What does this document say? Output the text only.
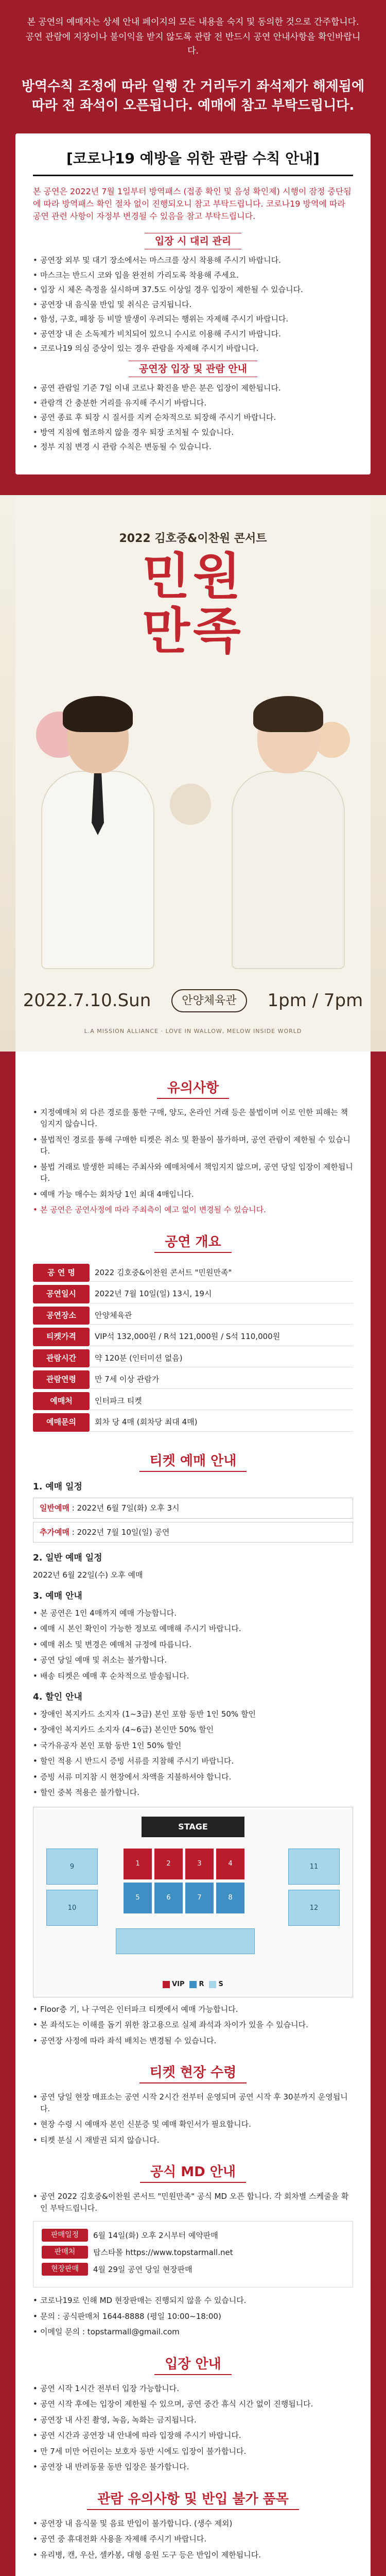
본 공연의 예매자는 상세 안내 페이지의 모든 내용을 숙지 및 동의한 것으로 간주합니다.

공연 관람에 지장이나 불이익을 받지 않도록 관람 전 반드시 공연 안내사항을 확인바랍니다.

방역수칙 조정에 따라 일행 간 거리두기 좌석제가 해제됨에 따라 전 좌석이 오픈됩니다. 예매에 참고 부탁드립니다.
[코로나19 예방을 위한 관람 수칙 안내]

본 공연은 2022년 7월 1일부터 방역패스 (접종 확인 및 음성 확인제) 시행이 잠정 중단됨에 따라 방역패스 확인 절차 없이 진행되오니 참고 부탁드립니다. 코로나19 방역에 따라 공연 관련 사항이 자정부 변경될 수 있음을 참고 부탁드립니다.

입장 시 대리 관리
• 공연장 외부 및 대기 장소에서는 마스크를 상시 착용해 주시기 바랍니다.
• 마스크는 반드시 코와 입을 완전히 가리도록 착용해 주세요.
• 입장 시 체온 측정을 실시하며 37.5도 이상일 경우 입장이 제한될 수 있습니다.
• 공연장 내 음식물 반입 및 취식은 금지됩니다.
• 함성, 구호, 떼창 등 비말 발생이 우려되는 행위는 자제해 주시기 바랍니다.
• 공연장 내 손 소독제가 비치되어 있으니 수시로 이용해 주시기 바랍니다.
• 코로나19 의심 증상이 있는 경우 관람을 자제해 주시기 바랍니다.
공연장 입장 및 관람 안내
• 공연 관람일 기준 7일 이내 코로나 확진을 받은 분은 입장이 제한됩니다.
• 관람객 간 충분한 거리를 유지해 주시기 바랍니다.
• 공연 종료 후 퇴장 시 질서를 지켜 순차적으로 퇴장해 주시기 바랍니다.
• 방역 지침에 협조하지 않을 경우 퇴장 조치될 수 있습니다.
• 정부 지침 변경 시 관람 수칙은 변동될 수 있습니다.
2022 김호중&이찬원 콘서트
민원
만족
2022.7.10.Sun	안양체육관	1pm / 7pm
L.A MISSION ALLIANCE · LOVE IN WALLOW, MELOW INSIDE WORLD
유의사항
• 지정예매처 외 다른 경로를 통한 구매, 양도, 온라인 거래 등은 불법이며 이로 인한 피해는 책임지지 않습니다.
• 불법적인 경로를 통해 구매한 티켓은 취소 및 환불이 불가하며, 공연 관람이 제한될 수 있습니다.
• 불법 거래로 발생한 피해는 주최사와 예매처에서 책임지지 않으며, 공연 당일 입장이 제한됩니다.
• 예매 가능 매수는 회차당 1인 최대 4매입니다.
• 본 공연은 공연사정에 따라 주최측이 예고 없이 변경될 수 있습니다.
공연 개요
공 연 명	2022 김호중&이찬원 콘서트 "민원만족"
공연일시	2022년 7월 10일(일) 13시, 19시
공연장소	안양체육관
티켓가격	VIP석 132,000원 / R석 121,000원 / S석 110,000원
관람시간	약 120분 (인터미션 없음)
관람연령	만 7세 이상 관람가
예매처	인터파크 티켓
예매문의	회차 당 4매 (회차당 최대 4매)
티켓 예매 안내
1. 예매 일정
일반예매 : 2022년 6월 7일(화) 오후 3시
추가예매 : 2022년 7월 10일(일) 공연
2. 일반 예매 일정

2022년 6월 22일(수) 오후 예매

3. 예매 안내
• 본 공연은 1인 4매까지 예매 가능합니다.
• 예매 시 본인 확인이 가능한 정보로 예매해 주시기 바랍니다.
• 예매 취소 및 변경은 예매처 규정에 따릅니다.
• 공연 당일 예매 및 취소는 불가합니다.
• 배송 티켓은 예매 후 순차적으로 발송됩니다.
4. 할인 안내
• 장애인 복지카드 소지자 (1~3급) 본인 포함 동반 1인 50% 할인
• 장애인 복지카드 소지자 (4~6급) 본인만 50% 할인
• 국가유공자 본인 포함 동반 1인 50% 할인
• 할인 적용 시 반드시 증빙 서류를 지참해 주시기 바랍니다.
• 증빙 서류 미지참 시 현장에서 차액을 지불하셔야 합니다.
• 할인 중복 적용은 불가합니다.
STAGE
1	2	3	4
5	6	7	8
9
10
11
12
VIP R S
• Floor층 기, 나 구역은 인터파크 티켓에서 예매 가능합니다.
• 본 좌석도는 이해를 돕기 위한 참고용으로 실제 좌석과 차이가 있을 수 있습니다.
• 공연장 사정에 따라 좌석 배치는 변경될 수 있습니다.
티켓 현장 수령
• 공연 당일 현장 매표소는 공연 시작 2시간 전부터 운영되며 공연 시작 후 30분까지 운영됩니다.
• 현장 수령 시 예매자 본인 신분증 및 예매 확인서가 필요합니다.
• 티켓 분실 시 재발권 되지 않습니다.
공식 MD 안내
• 공연 2022 김호중&이찬원 콘서트 "민원만족" 공식 MD 오픈 합니다. 각 회차별 스케줄을 확인 부탁드립니다.
판매일정	6월 14일(화) 오후 2시부터 예약판매
판매처	탑스타몰 https://www.topstarmall.net
현장판매	4월 29일 공연 당일 현장판매
• 코로나19로 인해 MD 현장판매는 진행되지 않을 수 있습니다.
• 문의 : 공식판매처 1644-8888 (평일 10:00~18:00)
• 이메일 문의 : topstarmall@gmail.com
입장 안내
• 공연 시작 1시간 전부터 입장 가능합니다.
• 공연 시작 후에는 입장이 제한될 수 있으며, 공연 중간 휴식 시간 없이 진행됩니다.
• 공연장 내 사진 촬영, 녹음, 녹화는 금지됩니다.
• 공연 시간과 공연장 내 안내에 따라 입장해 주시기 바랍니다.
• 만 7세 미만 어린이는 보호자 동반 시에도 입장이 불가합니다.
• 공연장 내 반려동물 동반 입장은 불가합니다.
관람 유의사항 및 반입 불가 품목
• 공연장 내 음식물 및 음료 반입이 불가합니다. (생수 제외)
• 공연 중 휴대전화 사용을 자제해 주시기 바랍니다.
• 유리병, 캔, 우산, 셀카봉, 대형 응원 도구 등은 반입이 제한됩니다.
